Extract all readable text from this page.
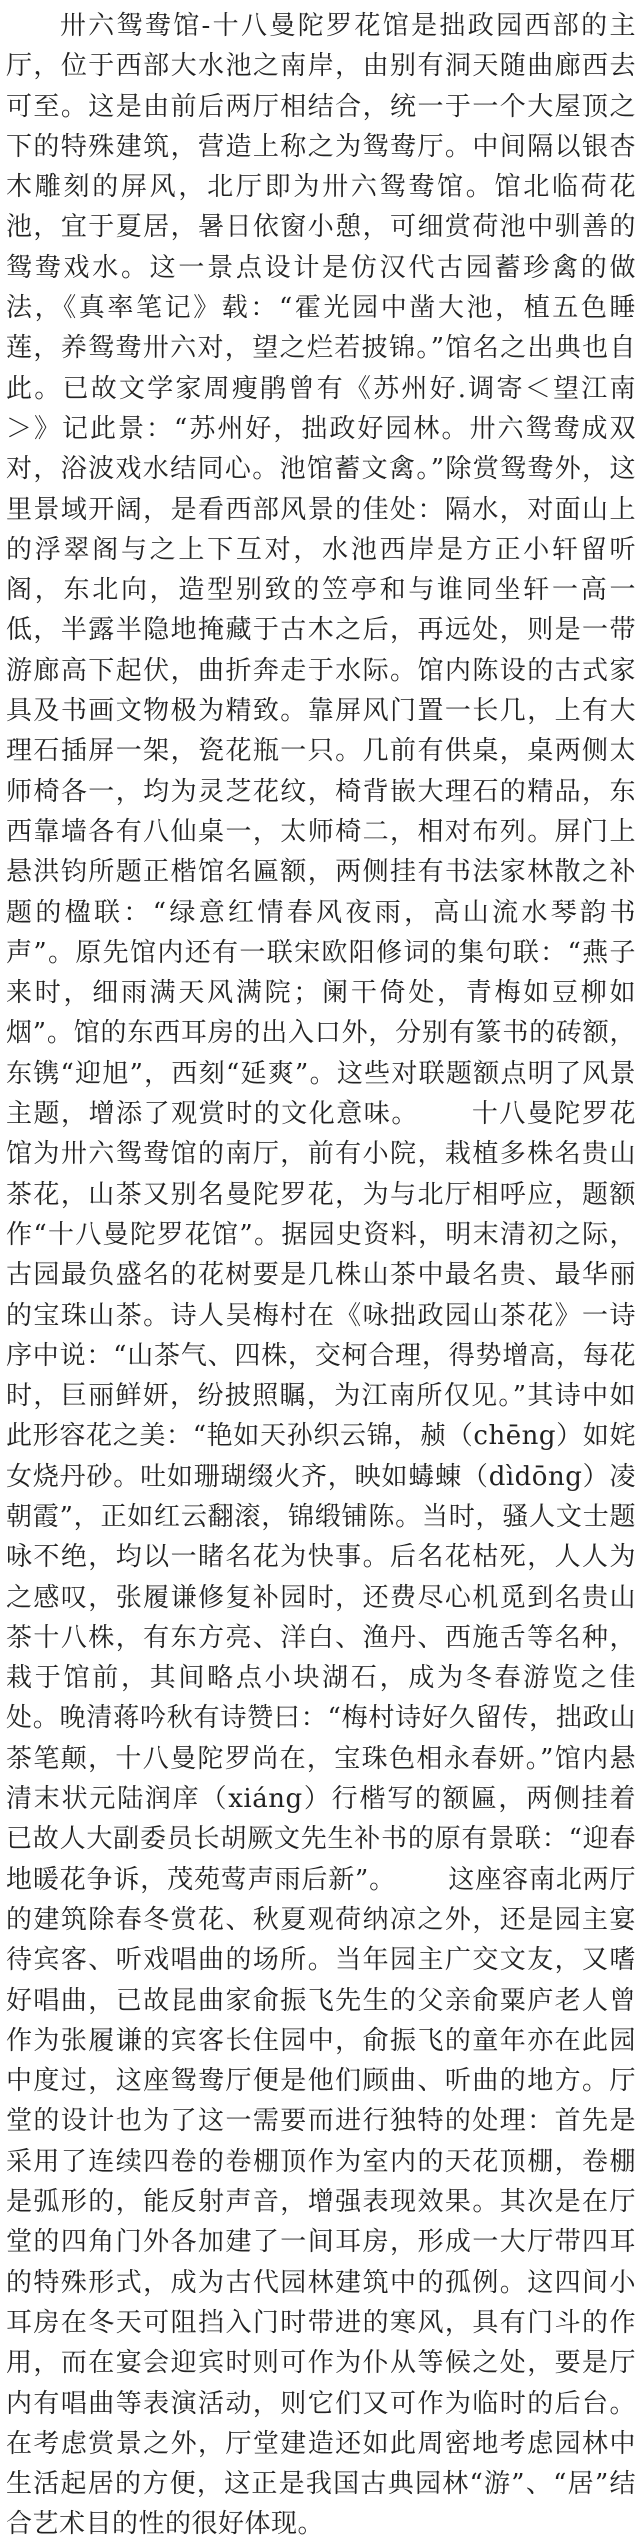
卅六鸳鸯馆-十八曼陀罗花馆是拙政园西部的主厅，位于西部大水池之南岸，由别有洞天随曲廊西去可至。这是由前后两厅相结合，统一于一个大屋顶之下的特殊建筑，营造上称之为鸳鸯厅。中间隔以银杏木雕刻的屏风，北厅即为卅六鸳鸯馆。馆北临荷花池，宜于夏居，暑日依窗小憩，可细赏荷池中驯善的鸳鸯戏水。这一景点设计是仿汉代古园蓄珍禽的做法，《真率笔记》载：“霍光园中凿大池，植五色睡莲，养鸳鸯卅六对，望之烂若披锦。”馆名之出典也自此。已故文学家周瘦鹃曾有《苏州好.调寄＜望江南＞》记此景：“苏州好，拙政好园林。卅六鸳鸯成双对，浴波戏水结同心。池馆蓄文禽。”除赏鸳鸯外，这里景域开阔，是看西部风景的佳处：隔水，对面山上的浮翠阁与之上下互对，水池西岸是方正小轩留听阁，东北向，造型别致的笠亭和与谁同坐轩一高一低，半露半隐地掩藏于古木之后，再远处，则是一带游廊高下起伏，曲折奔走于水际。馆内陈设的古式家具及书画文物极为精致。靠屏风门置一长几，上有大理石插屏一架，瓷花瓶一只。几前有供桌，桌两侧太师椅各一，均为灵芝花纹，椅背嵌大理石的精品，东西靠墙各有八仙桌一，太师椅二，相对布列。屏门上悬洪钧所题正楷馆名匾额，两侧挂有书法家林散之补题的楹联：“绿意红情春风夜雨，高山流水琴韵书声”。原先馆内还有一联宋欧阳修词的集句联：“燕子来时，细雨满天风满院；阑干倚处，青梅如豆柳如烟”。馆的东西耳房的出入口外，分别有篆书的砖额，东镌“迎旭”，西刻“延爽”。这些对联题额点明了风景主题，增添了观赏时的文化意味。 十八曼陀罗花馆为卅六鸳鸯馆的南厅，前有小院，栽植多株名贵山茶花，山茶又别名曼陀罗花，为与北厅相呼应，题额作“十八曼陀罗花馆”。据园史资料，明末清初之际，古园最负盛名的花树要是几株山茶中最名贵、最华丽的宝珠山茶。诗人吴梅村在《咏拙政园山茶花》一诗序中说：“山茶气、四株，交柯合理，得势增高，每花时，巨丽鲜妍，纷披照瞩，为江南所仅见。”其诗中如此形容花之美：“艳如天孙织云锦，赪（chēng）如姹女烧丹砂。吐如珊瑚缀火齐，映如蝳蝀（dìdōng）凌朝霞”，正如红云翻滚，锦缎铺陈。当时，骚人文士题咏不绝，均以一睹名花为快事。后名花枯死，人人为之感叹，张履谦修复补园时，还费尽心机觅到名贵山茶十八株，有东方亮、洋白、渔丹、西施舌等名种，栽于馆前，其间略点小块湖石，成为冬春游览之佳处。晚清蒋吟秋有诗赞曰：“梅村诗好久留传，拙政山茶笔颠，十八曼陀罗尚在，宝珠色相永春妍。”馆内悬清末状元陆润庠（xiáng）行楷写的额匾，两侧挂着已故人大副委员长胡厥文先生补书的原有景联：“迎春地暖花争诉，茂苑莺声雨后新”。 这座容南北两厅的建筑除春冬赏花、秋夏观荷纳凉之外，还是园主宴待宾客、听戏唱曲的场所。当年园主广交文友，又嗜好唱曲，已故昆曲家俞振飞先生的父亲俞粟庐老人曾作为张履谦的宾客长住园中，俞振飞的童年亦在此园中度过，这座鸳鸯厅便是他们顾曲、听曲的地方。厅堂的设计也为了这一需要而进行独特的处理：首先是采用了连续四卷的卷棚顶作为室内的天花顶棚，卷棚是弧形的，能反射声音，增强表现效果。其次是在厅堂的四角门外各加建了一间耳房，形成一大厅带四耳的特殊形式，成为古代园林建筑中的孤例。这四间小耳房在冬天可阻挡入门时带进的寒风，具有门斗的作用，而在宴会迎宾时则可作为仆从等候之处，要是厅内有唱曲等表演活动，则它们又可作为临时的后台。在考虑赏景之外，厅堂建造还如此周密地考虑园林中生活起居的方便，这正是我国古典园林“游”、“居”结合艺术目的性的很好体现。
